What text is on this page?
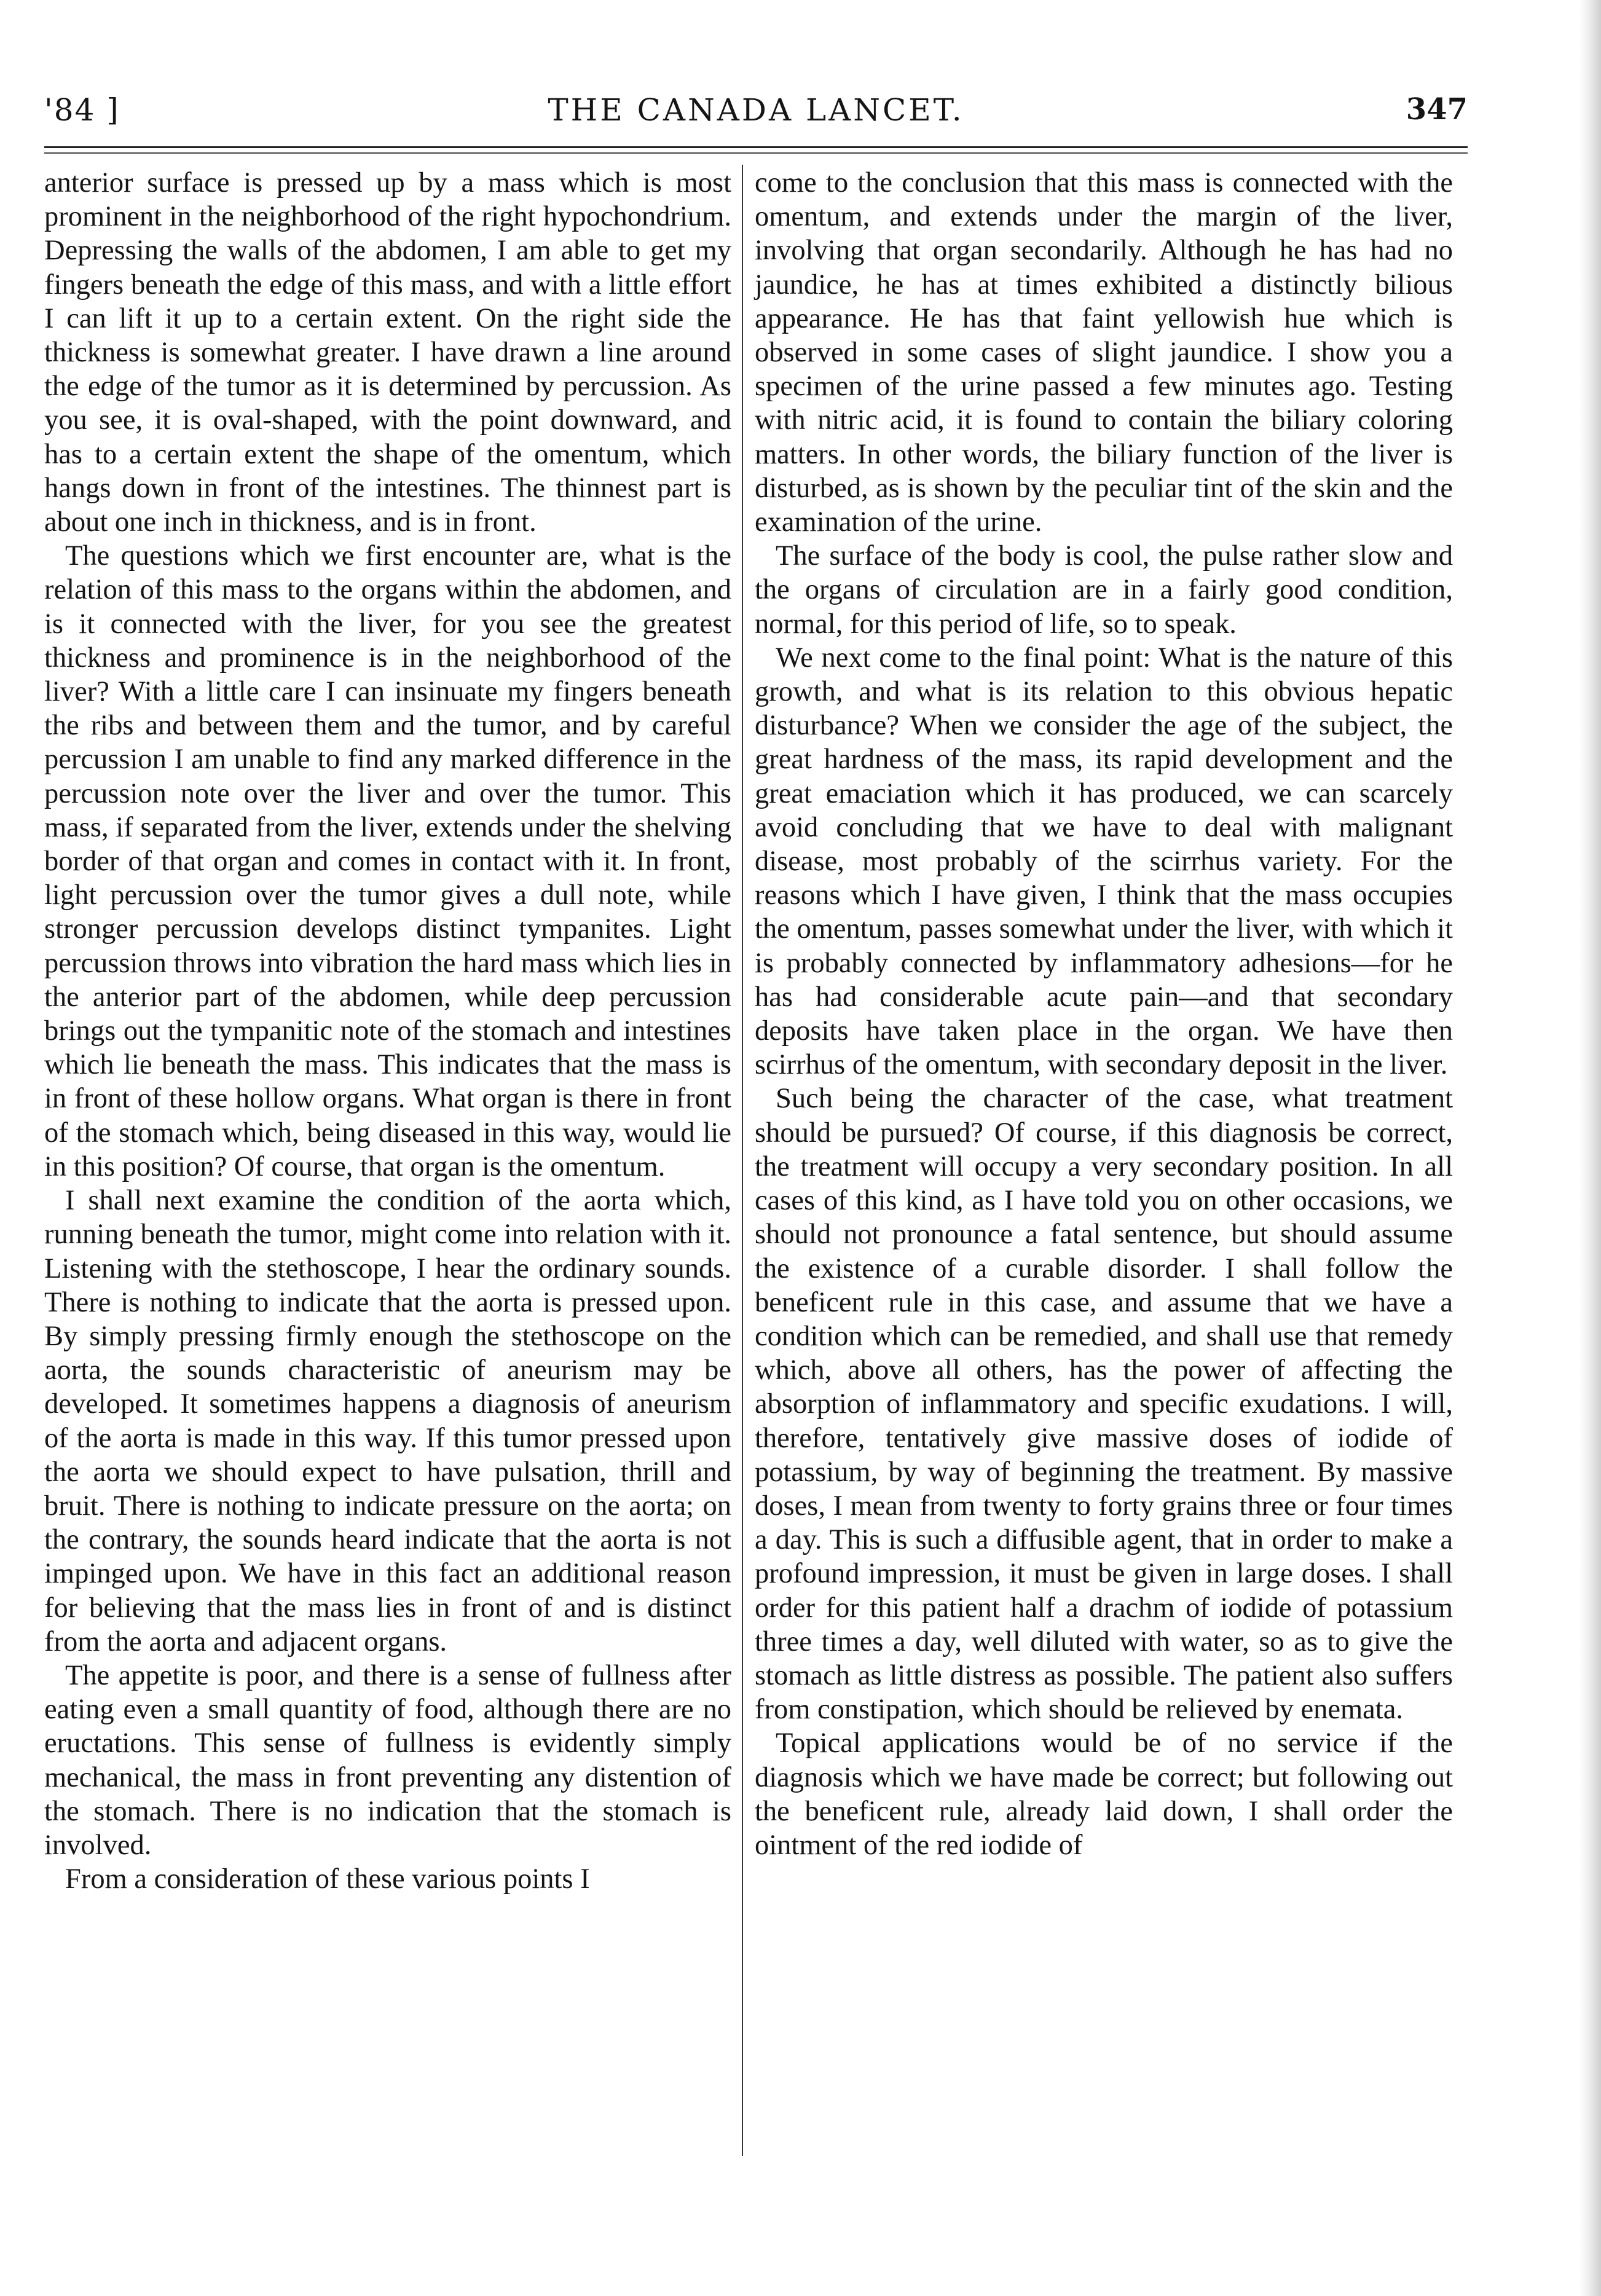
'84 ]	THE CANADA LANCET.	347

anterior surface is pressed up by a mass which is most prominent in the neighborhood of the right hypochondrium. Depressing the walls of the abdomen, I am able to get my fingers beneath the edge of this mass, and with a little effort I can lift it up to a certain extent. On the right side the thickness is somewhat greater. I have drawn a line around the edge of the tumor as it is determined by percussion. As you see, it is oval-shaped, with the point downward, and has to a certain extent the shape of the omentum, which hangs down in front of the intestines. The thinnest part is about one inch in thickness, and is in front.

The questions which we first encounter are, what is the relation of this mass to the organs within the abdomen, and is it connected with the liver, for you see the greatest thickness and prominence is in the neighborhood of the liver? With a little care I can insinuate my fingers beneath the ribs and between them and the tumor, and by careful percussion I am unable to find any marked difference in the percussion note over the liver and over the tumor. This mass, if separated from the liver, extends under the shelving border of that organ and comes in contact with it. In front, light percussion over the tumor gives a dull note, while stronger percussion develops distinct tympanites. Light percussion throws into vibration the hard mass which lies in the anterior part of the abdomen, while deep percussion brings out the tympanitic note of the stomach and intestines which lie beneath the mass. This indicates that the mass is in front of these hollow organs. What organ is there in front of the stomach which, being diseased in this way, would lie in this position? Of course, that organ is the omentum.

I shall next examine the condition of the aorta which, running beneath the tumor, might come into relation with it. Listening with the stethoscope, I hear the ordinary sounds. There is nothing to indicate that the aorta is pressed upon. By simply pressing firmly enough the stethoscope on the aorta, the sounds characteristic of aneurism may be developed. It sometimes happens a diagnosis of aneurism of the aorta is made in this way. If this tumor pressed upon the aorta we should expect to have pulsation, thrill and bruit. There is nothing to indicate pressure on the aorta; on the contrary, the sounds heard indicate that the aorta is not impinged upon. We have in this fact an additional reason for believing that the mass lies in front of and is distinct from the aorta and adjacent organs.

The appetite is poor, and there is a sense of fullness after eating even a small quantity of food, although there are no eructations. This sense of fullness is evidently simply mechanical, the mass in front preventing any distention of the stomach. There is no indication that the stomach is involved.

From a consideration of these various points I

come to the conclusion that this mass is connected with the omentum, and extends under the margin of the liver, involving that organ secondarily. Although he has had no jaundice, he has at times exhibited a distinctly bilious appearance. He has that faint yellowish hue which is observed in some cases of slight jaundice. I show you a specimen of the urine passed a few minutes ago. Testing with nitric acid, it is found to contain the biliary coloring matters. In other words, the biliary function of the liver is disturbed, as is shown by the peculiar tint of the skin and the examination of the urine.

The surface of the body is cool, the pulse rather slow and the organs of circulation are in a fairly good condition, normal, for this period of life, so to speak.

We next come to the final point: What is the nature of this growth, and what is its relation to this obvious hepatic disturbance? When we consider the age of the subject, the great hardness of the mass, its rapid development and the great emaciation which it has produced, we can scarcely avoid concluding that we have to deal with malignant disease, most probably of the scirrhus variety. For the reasons which I have given, I think that the mass occupies the omentum, passes somewhat under the liver, with which it is probably connected by inflammatory adhesions—for he has had considerable acute pain—and that secondary deposits have taken place in the organ. We have then scirrhus of the omentum, with secondary deposit in the liver.

Such being the character of the case, what treatment should be pursued? Of course, if this diagnosis be correct, the treatment will occupy a very secondary position. In all cases of this kind, as I have told you on other occasions, we should not pronounce a fatal sentence, but should assume the existence of a curable disorder. I shall follow the beneficent rule in this case, and assume that we have a condition which can be remedied, and shall use that remedy which, above all others, has the power of affecting the absorption of inflammatory and specific exudations. I will, therefore, tentatively give massive doses of iodide of potassium, by way of beginning the treatment. By massive doses, I mean from twenty to forty grains three or four times a day. This is such a diffusible agent, that in order to make a profound impression, it must be given in large doses. I shall order for this patient half a drachm of iodide of potassium three times a day, well diluted with water, so as to give the stomach as little distress as possible. The patient also suffers from constipation, which should be relieved by enemata.

Topical applications would be of no service if the diagnosis which we have made be correct; but following out the beneficent rule, already laid down, I shall order the ointment of the red iodide of
